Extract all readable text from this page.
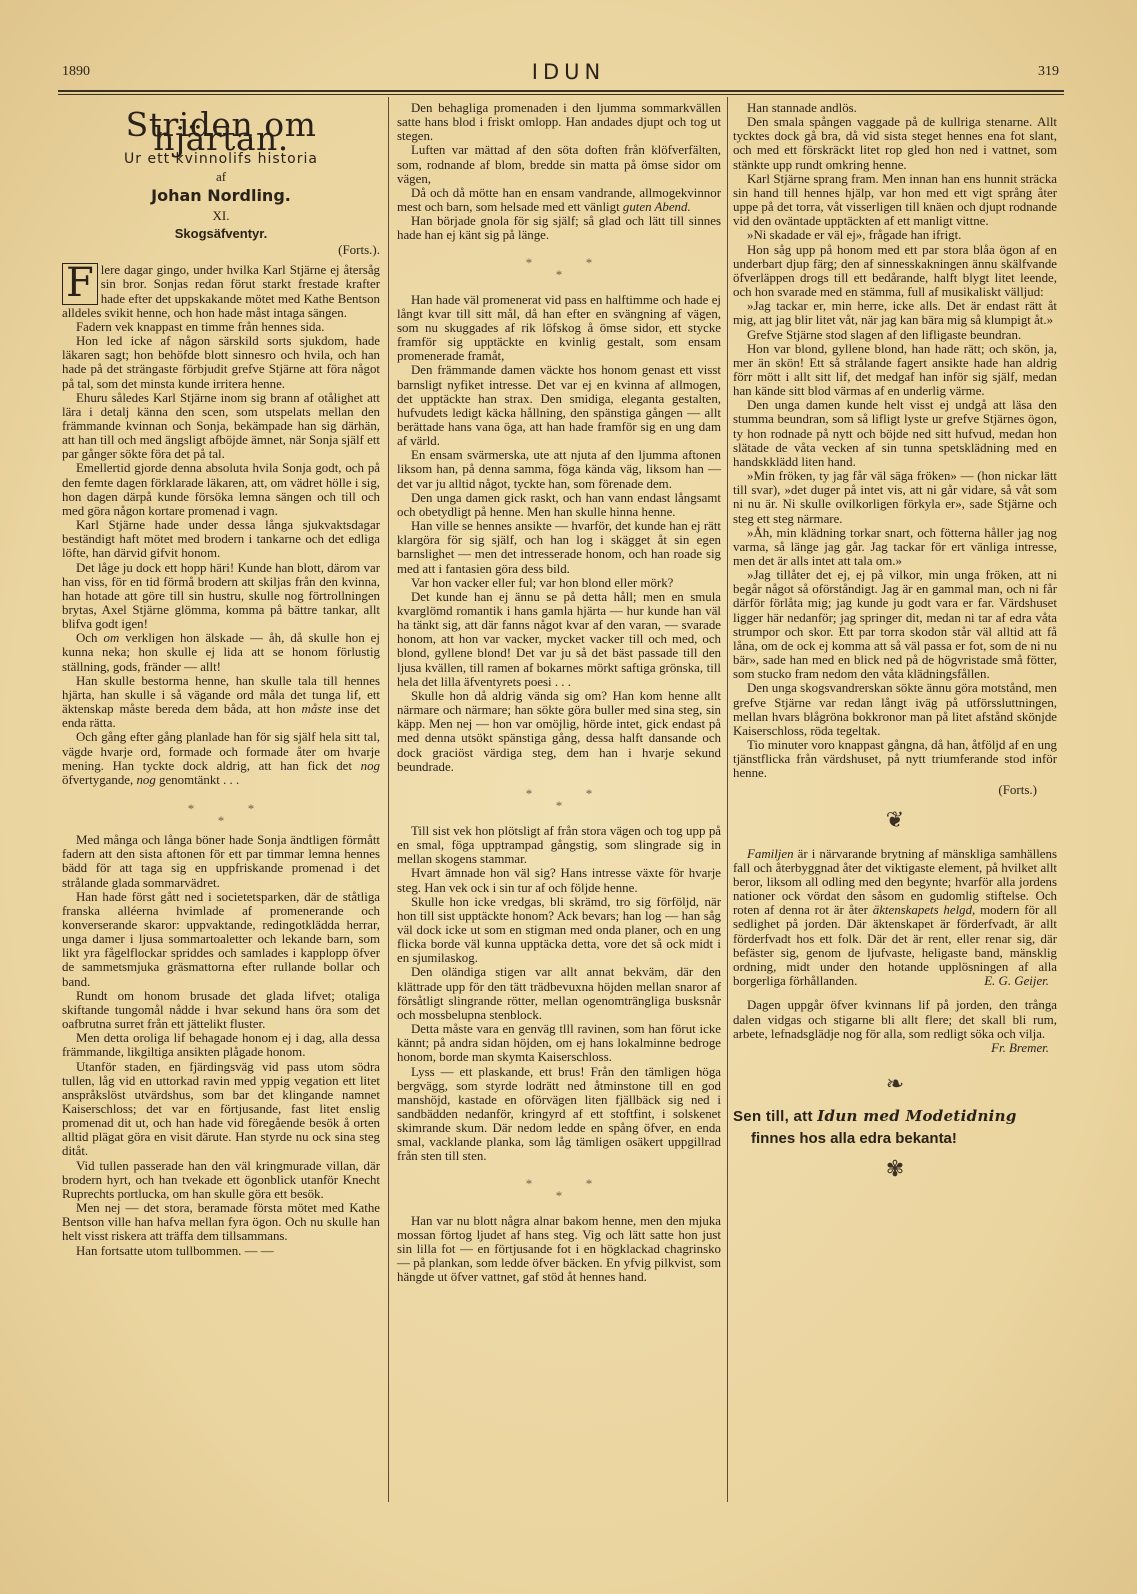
1890	IDUN	319
Striden om hjärtan.
Ur ett kvinnolifs historia
af
Johan Nordling.
XI.
Skogsäfventyr.
(Forts.).

F lere dagar gingo, under hvilka Karl Stjärne ej återsåg sin bror. Sonjas redan förut starkt frestade krafter hade efter det uppskakande mötet med Kathe Bentson alldeles svikit henne, och hon hade måst intaga sängen.

Fadern vek knappast en timme från hennes sida.

Hon led icke af någon särskild sorts sjukdom, hade läkaren sagt; hon behöfde blott sinnesro och hvila, och han hade på det strängaste förbjudit grefve Stjärne att föra något på tal, som det minsta kunde irritera henne.

Ehuru således Karl Stjärne inom sig brann af otålighet att lära i detalj känna den scen, som utspelats mellan den främmande kvinnan och Sonja, bekämpade han sig därhän, att han till och med ängsligt afböjde ämnet, när Sonja själf ett par gånger sökte föra det på tal.

Emellertid gjorde denna absoluta hvila Sonja godt, och på den femte dagen förklarade läkaren, att, om vädret hölle i sig, hon dagen därpå kunde försöka lemna sängen och till och med göra någon kortare promenad i vagn.

Karl Stjärne hade under dessa långa sjukvaktsdagar beständigt haft mötet med brodern i tankarne och det edliga löfte, han därvid gifvit honom.

Det låge ju dock ett hopp häri! Kunde han blott, därom var han viss, för en tid förmå brodern att skiljas från den kvinna, han hotade att göre till sin hustru, skulle nog förtrollningen brytas, Axel Stjärne glömma, komma på bättre tankar, allt blifva godt igen!

Och om verkligen hon älskade — åh, då skulle hon ej kunna neka; hon skulle ej lida att se honom förlustig ställning, gods, fränder — allt!

Han skulle bestorma henne, han skulle tala till hennes hjärta, han skulle i så vägande ord måla det tunga lif, ett äktenskap måste bereda dem båda, att hon måste inse det enda rätta.

Och gång efter gång planlade han för sig själf hela sitt tal, vägde hvarje ord, formade och formade åter om hvarje mening. Han tyckte dock aldrig, att han fick det nog öfvertygande, nog genomtänkt . . .

*	*
*

Med många och långa böner hade Sonja ändtligen förmått fadern att den sista aftonen för ett par timmar lemna hennes bädd för att taga sig en uppfriskande promenad i det strålande glada sommarvädret.

Han hade först gått ned i societetsparken, där de ståtliga franska alléerna hvimlade af promenerande och konverserande skaror: uppvaktande, redingotklädda herrar, unga damer i ljusa sommartoaletter och lekande barn, som likt yra fågelflockar spriddes och samlades i kapplopp öfver de sammetsmjuka gräsmattorna efter rullande bollar och band.

Rundt om honom brusade det glada lifvet; otaliga skiftande tungomål nådde i hvar sekund hans öra som det oafbrutna surret från ett jättelikt fluster.

Men detta oroliga lif behagade honom ej i dag, alla dessa främmande, likgiltiga ansikten plågade honom.

Utanför staden, en fjärdingsväg vid pass utom södra tullen, låg vid en uttorkad ravin med yppig vegation ett litet anspråkslöst utvärdshus, som bar det klingande namnet Kaiserschloss; det var en förtjusande, fast litet enslig promenad dit ut, och han hade vid föregående besök å orten alltid plägat göra en visit därute. Han styrde nu ock sina steg ditåt.

Vid tullen passerade han den väl kringmurade villan, där brodern hyrt, och han tvekade ett ögonblick utanför Knecht Ruprechts portlucka, om han skulle göra ett besök.

Men nej — det stora, beramade första mötet med Kathe Bentson ville han hafva mellan fyra ögon. Och nu skulle han helt visst riskera att träffa dem tillsammans.

Han fortsatte utom tullbommen. — —

Den behagliga promenaden i den ljumma sommarkvällen satte hans blod i friskt omlopp. Han andades djupt och tog ut stegen.

Luften var mättad af den söta doften från klöfverfälten, som, rodnande af blom, bredde sin matta på ömse sidor om vägen,

Då och då mötte han en ensam vandrande, allmogekvinnor mest och barn, som helsade med ett vänligt guten Abend.

Han började gnola för sig själf; så glad och lätt till sinnes hade han ej känt sig på länge.

*	*
*

Han hade väl promenerat vid pass en halftimme och hade ej långt kvar till sitt mål, då han efter en svängning af vägen, som nu skuggades af rik löfskog å ömse sidor, ett stycke framför sig upptäckte en kvinlig gestalt, som ensam promenerade framåt,

Den främmande damen väckte hos honom genast ett visst barnsligt nyfiket intresse. Det var ej en kvinna af allmogen, det upptäckte han strax. Den smidiga, eleganta gestalten, hufvudets ledigt käcka hållning, den spänstiga gången — allt berättade hans vana öga, att han hade framför sig en ung dam af värld.

En ensam svärmerska, ute att njuta af den ljumma aftonen liksom han, på denna samma, föga kända väg, liksom han — det var ju alltid något, tyckte han, som förenade dem.

Den unga damen gick raskt, och han vann endast långsamt och obetydligt på henne. Men han skulle hinna henne.

Han ville se hennes ansikte — hvarför, det kunde han ej rätt klargöra för sig själf, och han log i skägget åt sin egen barnslighet — men det intresserade honom, och han roade sig med att i fantasien göra dess bild.

Var hon vacker eller ful; var hon blond eller mörk?

Det kunde han ej ännu se på detta håll; men en smula kvarglömd romantik i hans gamla hjärta — hur kunde han väl ha tänkt sig, att där fanns något kvar af den varan, — svarade honom, att hon var vacker, mycket vacker till och med, och blond, gyllene blond! Det var ju så det bäst passade till den ljusa kvällen, till ramen af bokarnes mörkt saftiga grönska, till hela det lilla äfventyrets poesi . . .

Skulle hon då aldrig vända sig om? Han kom henne allt närmare och närmare; han sökte göra buller med sina steg, sin käpp. Men nej — hon var omöjlig, hörde intet, gick endast på med denna utsökt spänstiga gång, dessa halft dansande och dock graciöst värdiga steg, dem han i hvarje sekund beundrade.

*	*
*

Till sist vek hon plötsligt af från stora vägen och tog upp på en smal, föga upptrampad gångstig, som slingrade sig in mellan skogens stammar.

Hvart ämnade hon väl sig? Hans intresse växte för hvarje steg. Han vek ock i sin tur af och följde henne.

Skulle hon icke vredgas, bli skrämd, tro sig förföljd, när hon till sist upptäckte honom? Ack bevars; han log — han såg väl dock icke ut som en stigman med onda planer, och en ung flicka borde väl kunna upptäcka detta, vore det så ock midt i en sjumilaskog.

Den oländiga stigen var allt annat bekväm, där den klättrade upp för den tätt trädbevuxna höjden mellan snaror af försåtligt slingrande rötter, mellan ogenomträngliga busksnår och mossbelupna stenblock.

Detta måste vara en genväg tlll ravinen, som han förut icke kännt; på andra sidan höjden, om ej hans lokalminne bedroge honom, borde man skymta Kaiserschloss.

Lyss — ett plaskande, ett brus! Från den tämligen höga bergvägg, som styrde lodrätt ned åtminstone till en god manshöjd, kastade en oförvägen liten fjällbäck sig ned i sandbädden nedanför, kringyrd af ett stoftfint, i solskenet skimrande skum. Där nedom ledde en spång öfver, en enda smal, vacklande planka, som låg tämligen osäkert uppgillrad från sten till sten.

*	*
*

Han var nu blott några alnar bakom henne, men den mjuka mossan förtog ljudet af hans steg. Vig och lätt satte hon just sin lilla fot — en förtjusande fot i en högklackad chagrinsko — på plankan, som ledde öfver bäcken. En yfvig pilkvist, som hängde ut öfver vattnet, gaf stöd åt hennes hand.

Han stannade andlös.

Den smala spången vaggade på de kullriga stenarne. Allt tycktes dock gå bra, då vid sista steget hennes ena fot slant, och med ett förskräckt litet rop gled hon ned i vattnet, som stänkte upp rundt omkring henne.

Karl Stjärne sprang fram. Men innan han ens hunnit sträcka sin hand till hennes hjälp, var hon med ett vigt språng åter uppe på det torra, våt visserligen till knäen och djupt rodnande vid den oväntade upptäckten af ett manligt vittne.

»Ni skadade er väl ej», frågade han ifrigt.

Hon såg upp på honom med ett par stora blåa ögon af en underbart djup färg; den af sinnesskakningen ännu skälfvande öfverläppen drogs till ett bedårande, halft blygt litet leende, och hon svarade med en stämma, full af musikaliskt välljud:

»Jag tackar er, min herre, icke alls. Det är endast rätt åt mig, att jag blir litet våt, när jag kan bära mig så klumpigt åt.»

Grefve Stjärne stod slagen af den lifligaste beundran.

Hon var blond, gyllene blond, han hade rätt; och skön, ja, mer än skön! Ett så strålande fagert ansikte hade han aldrig förr mött i allt sitt lif, det medgaf han inför sig själf, medan han kände sitt blod värmas af en underlig värme.

Den unga damen kunde helt visst ej undgå att läsa den stumma beundran, som så lifligt lyste ur grefve Stjärnes ögon, ty hon rodnade på nytt och böjde ned sitt hufvud, medan hon slätade de våta vecken af sin tunna spetsklädning med en handskklädd liten hand.

»Min fröken, ty jag får väl säga fröken» — (hon nickar lätt till svar), »det duger på intet vis, att ni går vidare, så våt som ni nu är. Ni skulle ovilkorligen förkyla er», sade Stjärne och steg ett steg närmare.

»Åh, min klädning torkar snart, och fötterna håller jag nog varma, så länge jag går. Jag tackar för ert vänliga intresse, men det är alls intet att tala om.»

»Jag tillåter det ej, ej på vilkor, min unga fröken, att ni begår något så oförståndigt. Jag är en gammal man, och ni får därför förlåta mig; jag kunde ju godt vara er far. Värdshuset ligger här nedanför; jag springer dit, medan ni tar af edra våta strumpor och skor. Ett par torra skodon står väl alltid att få låna, om de ock ej komma att så väl passa er fot, som de ni nu bär», sade han med en blick ned på de högvristade små fötter, som stucko fram nedom den våta klädningsfållen.

Den unga skogsvandrerskan sökte ännu göra motstånd, men grefve Stjärne var redan långt iväg på utförssluttningen, mellan hvars blågröna bokkronor man på litet afstånd skönjde Kaiserschloss, röda tegeltak.

Tio minuter voro knappast gångna, då han, åtföljd af en ung tjänstflicka från värdshuset, på nytt triumferande stod inför henne.

(Forts.)
❦

Familjen är i närvarande brytning af mänskliga samhällens fall och återbyggnad åter det viktigaste element, på hvilket allt beror, liksom all odling med den begynte; hvarför alla jordens nationer ock vördat den såsom en gudomlig stiftelse. Och roten af denna rot är åter äktenskapets helgd, modern för all sedlighet på jorden. Där äktenskapet är förderfvadt, är allt förderfvadt hos ett folk. Där det är rent, eller renar sig, där befäster sig, genom de ljufvaste, heligaste band, mänsklig ordning, midt under den hotande upplösningen af alla borgerliga förhållanden.	E. G. Geijer.

Dagen uppgår öfver kvinnans lif på jorden, den trånga dalen vidgas och stigarne bli allt flere; det skall bli rum, arbete, lefnadsglädje nog för alla, som redligt söka och vilja.

Fr. Bremer.
❧
Sen till, att Idun med Modetidning
finnes hos alla edra bekanta!
✾
